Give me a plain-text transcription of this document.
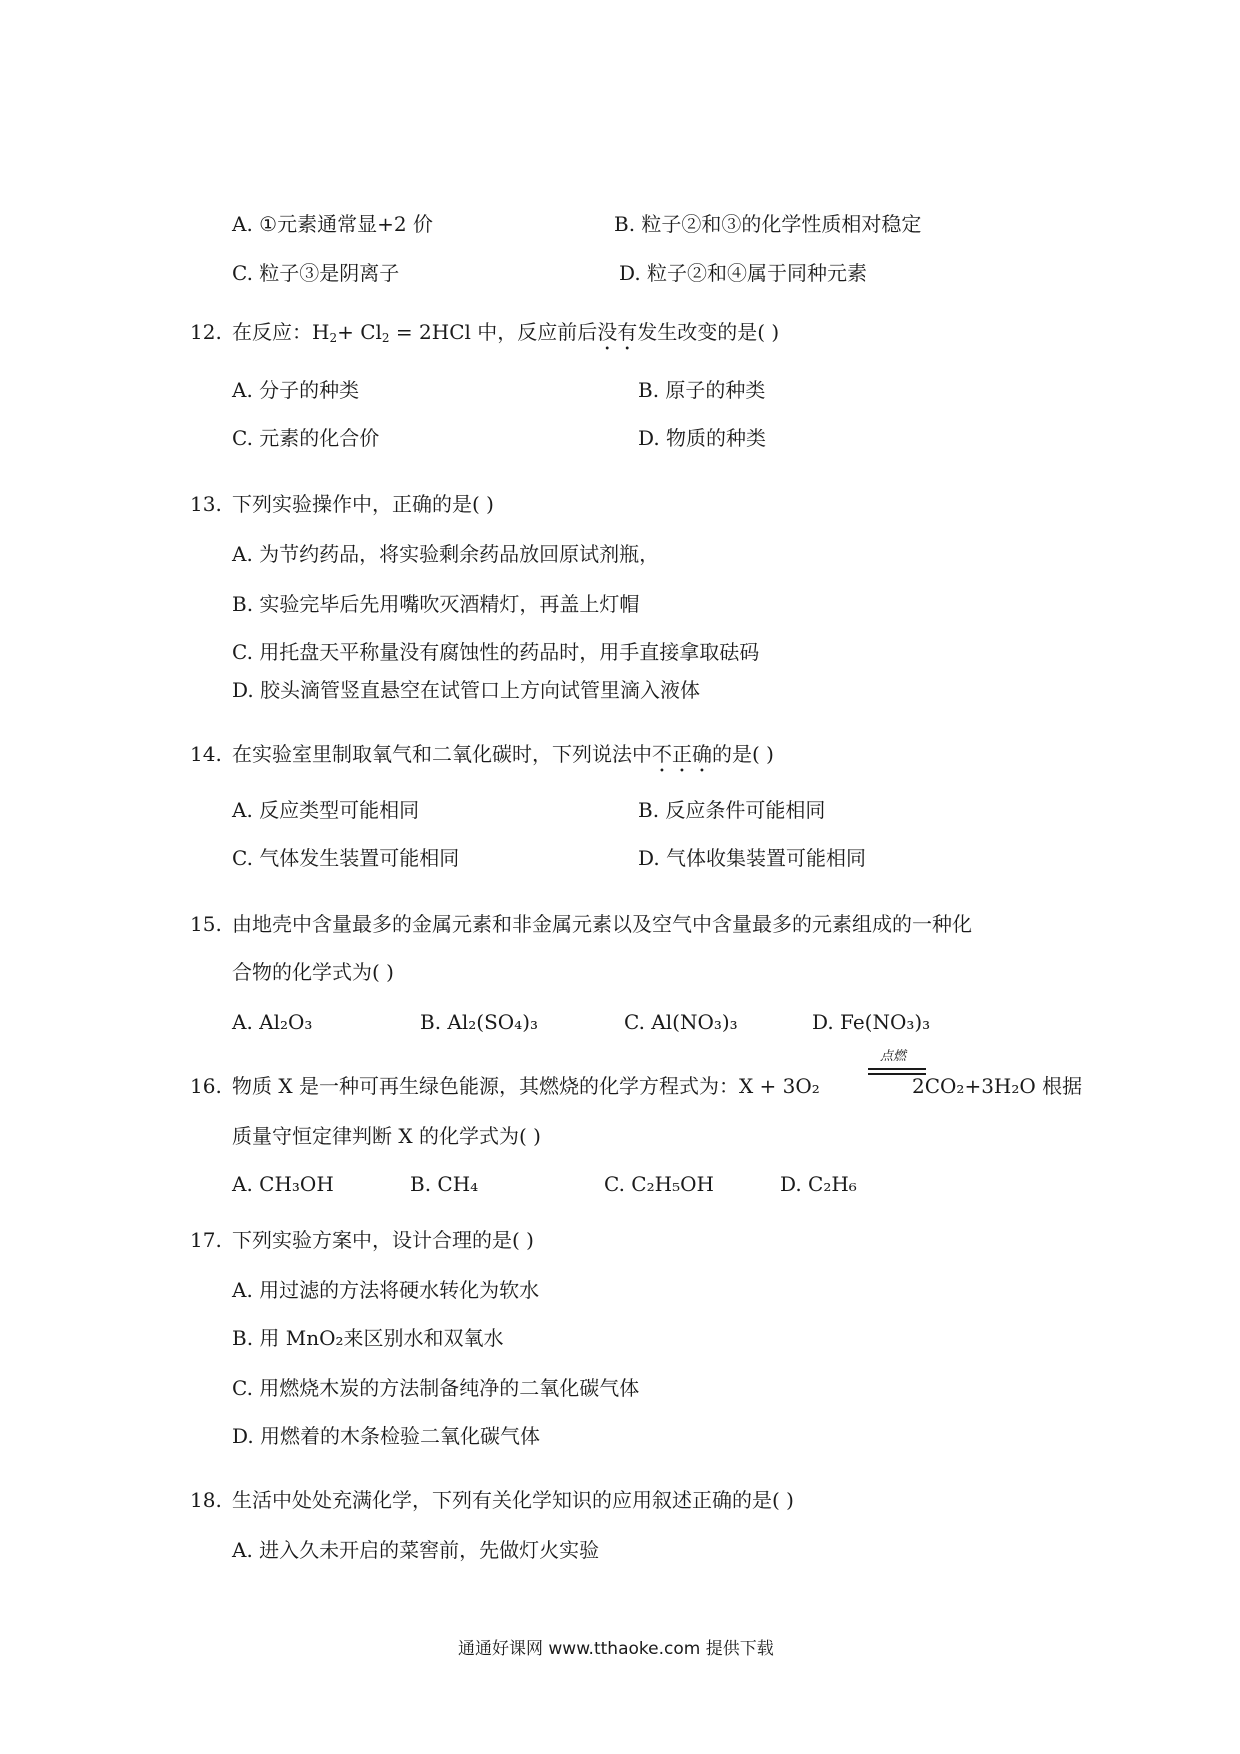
A. ①元素通常显+2 价	B. 粒子②和③的化学性质相对稳定
C. 粒子③是阴离子	D. 粒子②和④属于同种元素
12. 在反应：$H_2+ Cl_2 = 2HCl$ 中，反应前后没有发生改变的是( )
A. 分子的种类	B. 原子的种类
C. 元素的化合价	D. 物质的种类
13. 下列实验操作中，正确的是( )
A. 为节约药品，将实验剩余药品放回原试剂瓶，
B. 实验完毕后先用嘴吹灭酒精灯，再盖上灯帽
C. 用托盘天平称量没有腐蚀性的药品时，用手直接拿取砝码
D. 胶头滴管竖直悬空在试管口上方向试管里滴入液体
14. 在实验室里制取氧气和二氧化碳时，下列说法中不正确的是( )
A. 反应类型可能相同	B. 反应条件可能相同
C. 气体发生装置可能相同	D. 气体收集装置可能相同
15. 由地壳中含量最多的金属元素和非金属元素以及空气中含量最多的元素组成的一种化
合物的化学式为( )
A. Al₂O₃	B. Al₂(SO₄)₃	C. Al(NO₃)₃	D. Fe(NO₃)₃
16. 物质 X 是一种可再生绿色能源，其燃烧的化学方程式为：X + 3O₂
点燃
2CO₂+3H₂O 根据
质量守恒定律判断 X 的化学式为( )
A. CH₃OH	B. CH₄	C. C₂H₅OH	D. C₂H₆
17. 下列实验方案中，设计合理的是( )
A. 用过滤的方法将硬水转化为软水
B. 用 MnO₂来区别水和双氧水
C. 用燃烧木炭的方法制备纯净的二氧化碳气体
D. 用燃着的木条检验二氧化碳气体
18. 生活中处处充满化学，下列有关化学知识的应用叙述正确的是( )
A. 进入久未开启的菜窖前，先做灯火实验
通通好课网 www.tthaoke.com 提供下载
